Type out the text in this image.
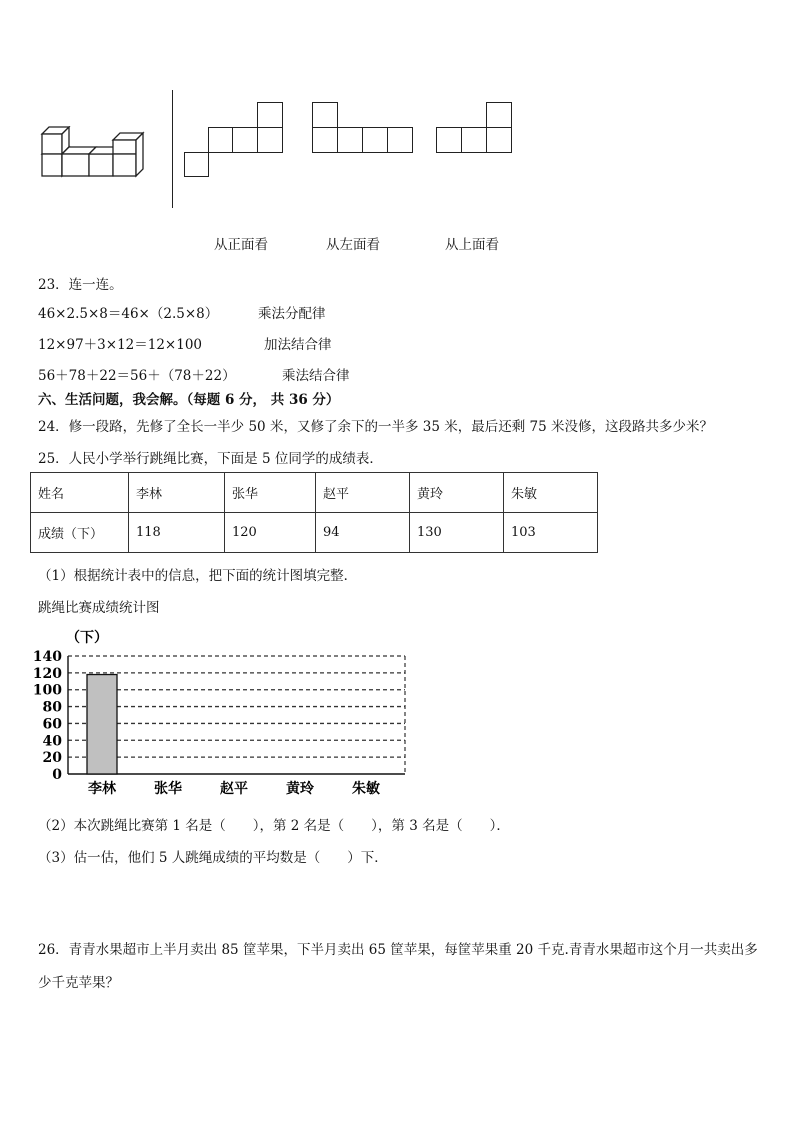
从正面看	从左面看	从上面看
23．连一连。
46×2.5×8＝46×（2.5×8）	乘法分配律
12×97＋3×12＝12×100	加法结合律
56＋78＋22＝56＋（78＋22）	乘法结合律
六、生活问题，我会解。（每题 6 分， 共 36 分）
24．修一段路，先修了全长一半少 50 米，又修了余下的一半多 35 米，最后还剩 75 米没修，这段路共多少米？
25．人民小学举行跳绳比赛，下面是 5 位同学的成绩表．
姓名	李林	张华	赵平	黄玲	朱敏
成绩（下）	118	120	94	130	103
（1）根据统计表中的信息，把下面的统计图填完整．
跳绳比赛成绩统计图
（下）
0
20
40
60
80
100
120
140
李林	张华	赵平	黄玲	朱敏
（2）本次跳绳比赛第 1 名是（　　），第 2 名是（　　），第 3 名是（　　）．
（3）估一估，他们 5 人跳绳成绩的平均数是（　　）下．
26．青青水果超市上半月卖出 85 筐苹果，下半月卖出 65 筐苹果，每筐苹果重 20 千克.青青水果超市这个月一共卖出多
少千克苹果？
